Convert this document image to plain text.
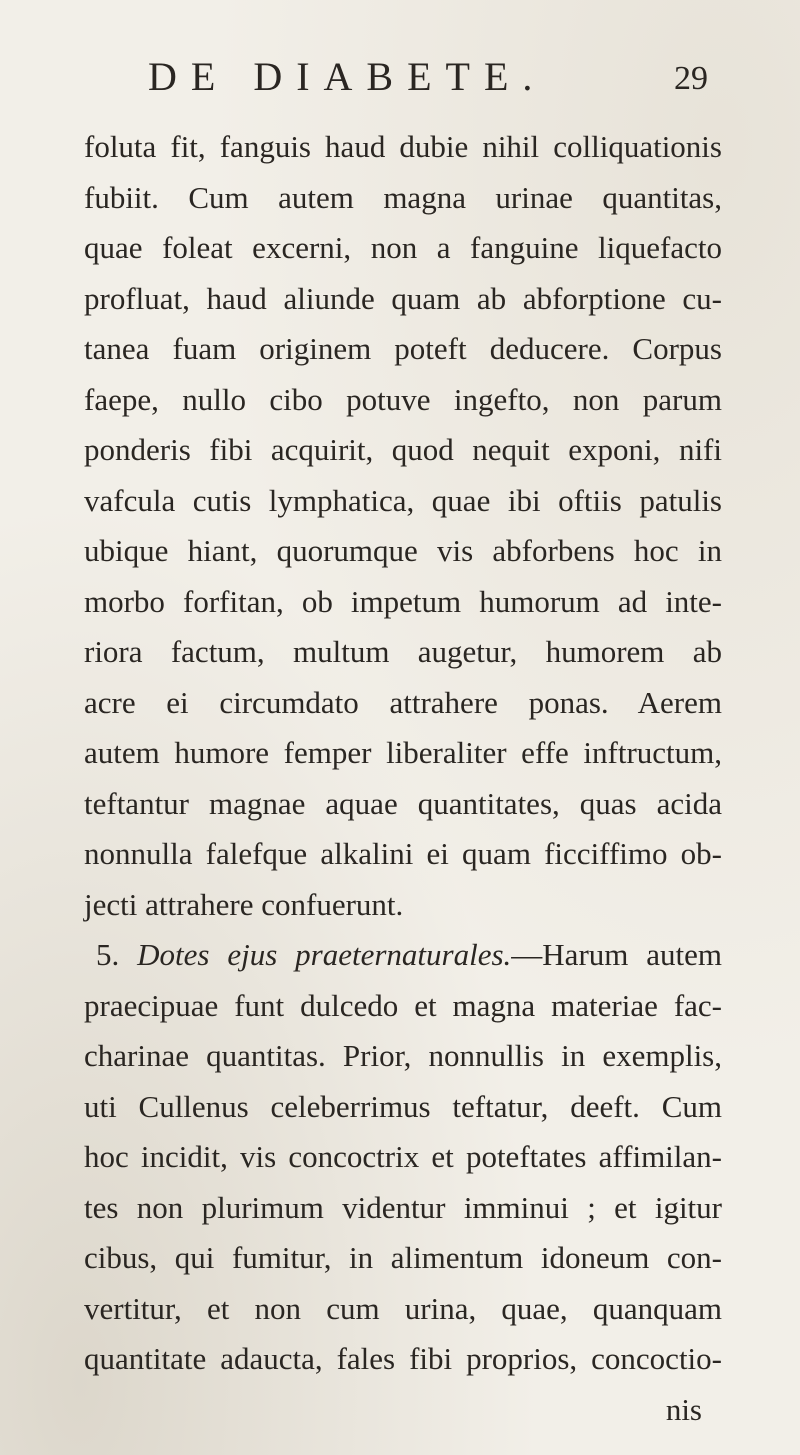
DE DIABETE.	29
foluta fit, fanguis haud dubie nihil colliquationis
fubiit. Cum autem magna urinae quantitas,
quae foleat excerni, non a fanguine liquefacto
profluat, haud aliunde quam ab abforptione cu-
tanea fuam originem poteft deducere. Corpus
faepe, nullo cibo potuve ingefto, non parum
ponderis fibi acquirit, quod nequit exponi, nifi
vafcula cutis lymphatica, quae ibi oftiis patulis
ubique hiant, quorumque vis abforbens hoc in
morbo forfitan, ob impetum humorum ad inte-
riora factum, multum augetur, humorem ab
acre ei circumdato attrahere ponas. Aerem
autem humore femper liberaliter effe inftructum,
teftantur magnae aquae quantitates, quas acida
nonnulla falefque alkalini ei quam ficciffimo ob-
jecti attrahere confuerunt.
5. Dotes ejus praeternaturales.—Harum autem
praecipuae funt dulcedo et magna materiae fac-
charinae quantitas. Prior, nonnullis in exemplis,
uti Cullenus celeberrimus teftatur, deeft. Cum
hoc incidit, vis concoctrix et poteftates affimilan-
tes non plurimum videntur imminui ; et igitur
cibus, qui fumitur, in alimentum idoneum con-
vertitur, et non cum urina, quae, quanquam
quantitate adaucta, fales fibi proprios, concoctio-
nis
